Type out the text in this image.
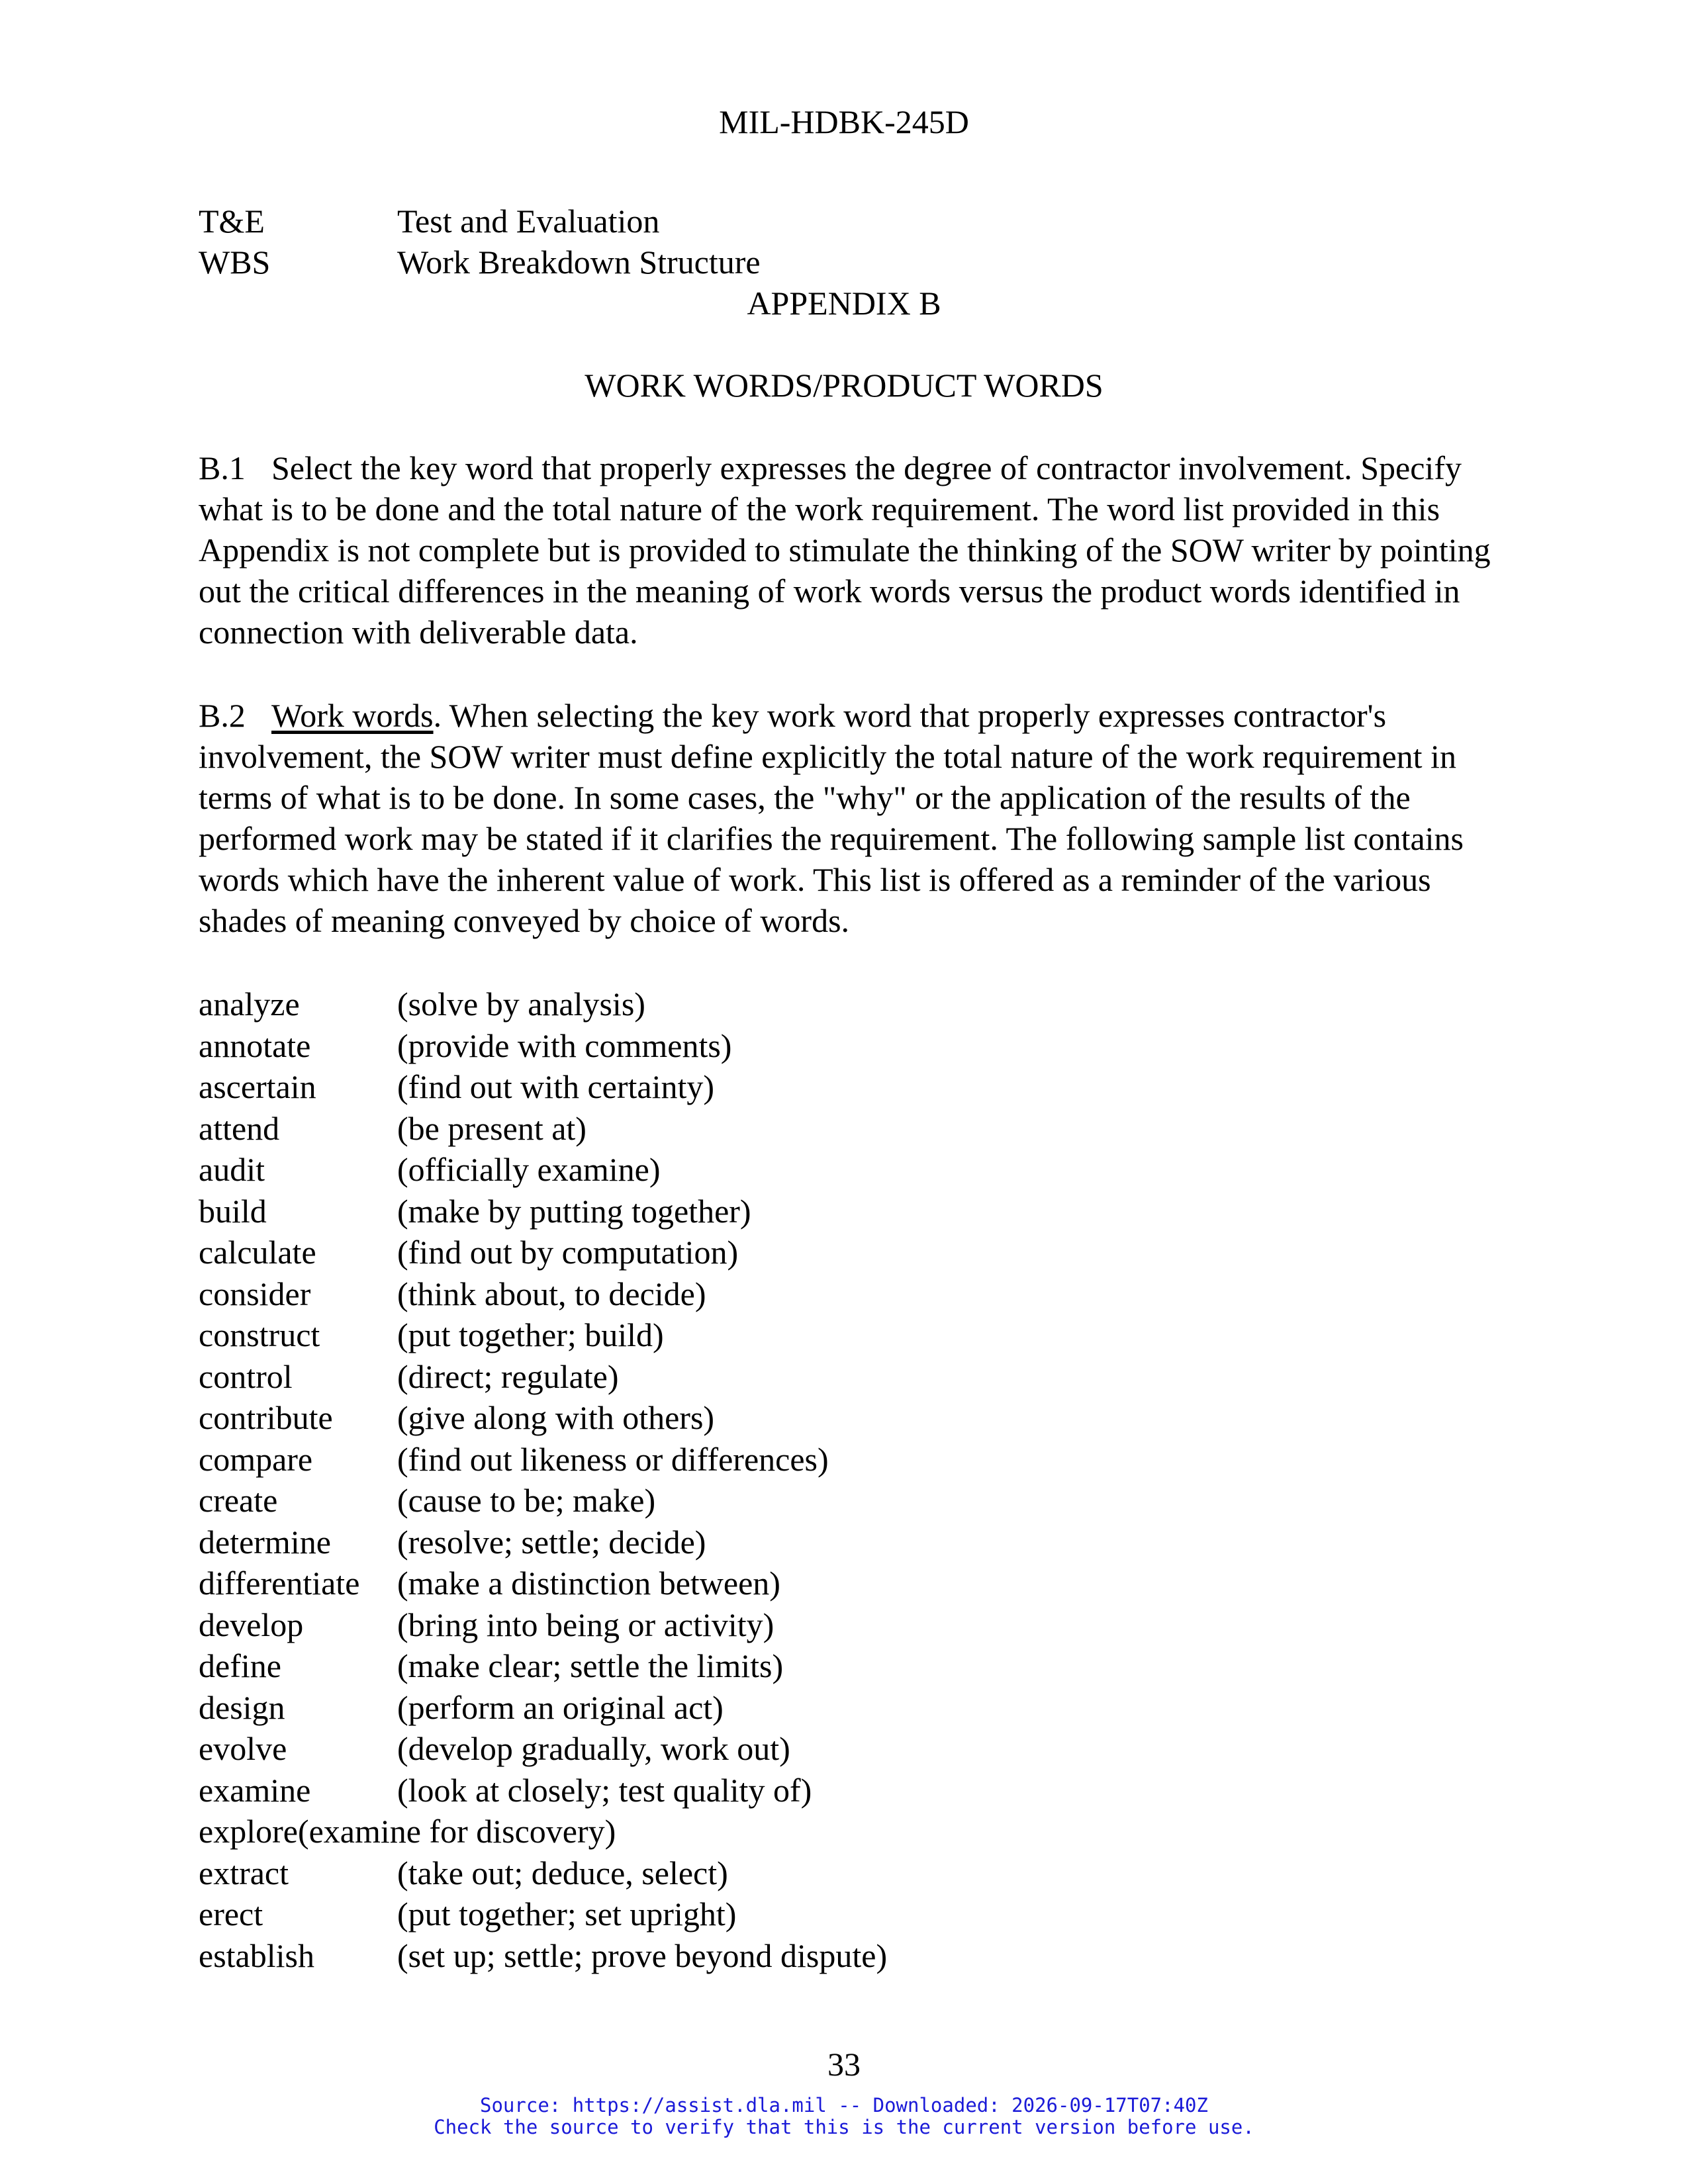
MIL-HDBK-245D
T&E	Test and Evaluation
WBS	Work Breakdown Structure
APPENDIX B
WORK WORDS/PRODUCT WORDS
B.1 Select the key word that properly expresses the degree of contractor involvement. Specify what is to be done and the total nature of the work requirement. The word list provided in this Appendix is not complete but is provided to stimulate the thinking of the SOW writer by pointing out the critical differences in the meaning of work words versus the product words identified in connection with deliverable data.
B.2 Work words. When selecting the key work word that properly expresses contractor's involvement, the SOW writer must define explicitly the total nature of the work requirement in terms of what is to be done. In some cases, the "why" or the application of the results of the performed work may be stated if it clarifies the requirement. The following sample list contains words which have the inherent value of work. This list is offered as a reminder of the various shades of meaning conveyed by choice of words.
analyze	(solve by analysis)
annotate	(provide with comments)
ascertain	(find out with certainty)
attend	(be present at)
audit	(officially examine)
build	(make by putting together)
calculate	(find out by computation)
consider	(think about, to decide)
construct	(put together; build)
control	(direct; regulate)
contribute	(give along with others)
compare	(find out likeness or differences)
create	(cause to be; make)
determine	(resolve; settle; decide)
differentiate	(make a distinction between)
develop	(bring into being or activity)
define	(make clear; settle the limits)
design	(perform an original act)
evolve	(develop gradually, work out)
examine	(look at closely; test quality of)
explore (examine for discovery)
extract	(take out; deduce, select)
erect	(put together; set upright)
establish	(set up; settle; prove beyond dispute)
33
Source: https://assist.dla.mil -- Downloaded: 2026-09-17T07:40Z
Check the source to verify that this is the current version before use.
